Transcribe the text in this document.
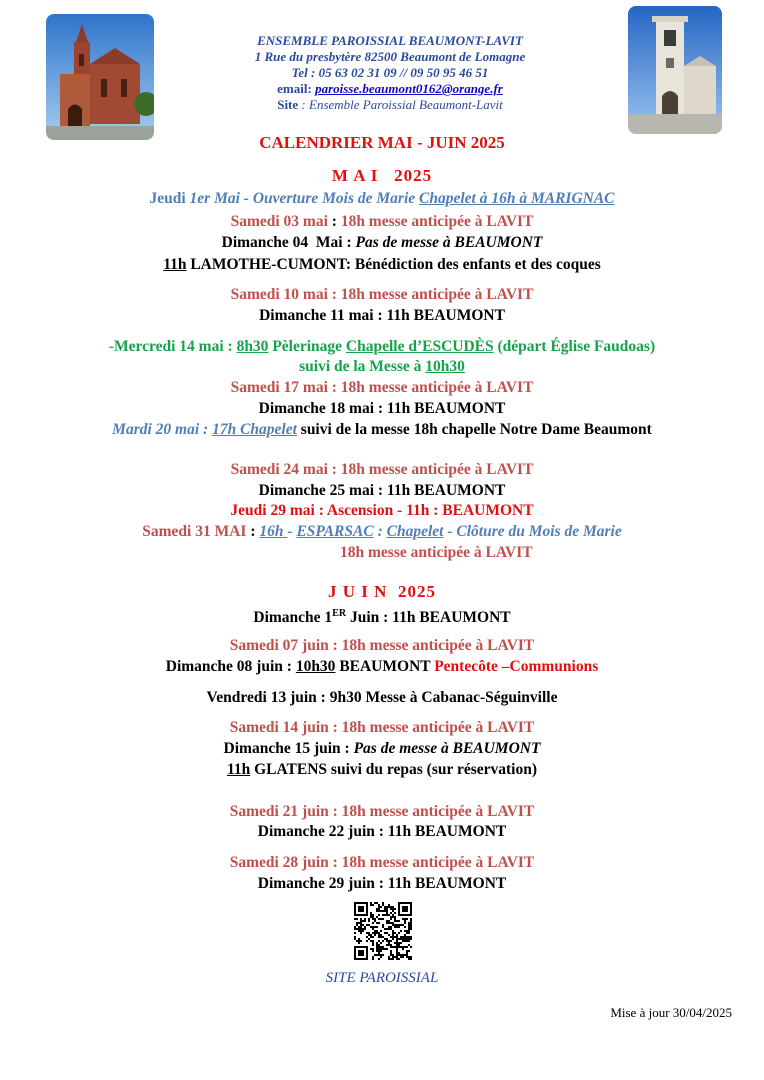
ENSEMBLE PAROISSIAL BEAUMONT-LAVIT
1 Rue du presbytère 82500 Beaumont de Lomagne
Tel : 05 63 02 31 09 // 09 50 95 46 51
email: paroisse.beaumont0162@orange.fr
Site : Ensemble Paroissial Beaumont-Lavit
CALENDRIER MAI - JUIN 2025
M A I   2025
Jeudi 1er Mai - Ouverture Mois de Marie Chapelet à 16h à MARIGNAC
Samedi 03 mai : 18h messe anticipée à LAVIT
Dimanche 04  Mai : Pas de messe à BEAUMONT
11h LAMOTHE-CUMONT: Bénédiction des enfants et des coques
Samedi 10 mai : 18h messe anticipée à LAVIT
Dimanche 11 mai : 11h BEAUMONT
-Mercredi 14 mai : 8h30 Pèlerinage Chapelle d’ESCUDÈS (départ Église Faudoas)
suivi de la Messe à 10h30
Samedi 17 mai : 18h messe anticipée à LAVIT
Dimanche 18 mai : 11h BEAUMONT
Mardi 20 mai : 17h Chapelet suivi de la messe 18h chapelle Notre Dame Beaumont
Samedi 24 mai : 18h messe anticipée à LAVIT
Dimanche 25 mai : 11h BEAUMONT
Jeudi 29 mai : Ascension - 11h : BEAUMONT
Samedi 31 MAI : 16h - ESPARSAC : Chapelet - Clôture du Mois de Marie
18h messe anticipée à LAVIT
J U I N  2025
Dimanche 1ER Juin : 11h BEAUMONT
Samedi 07 juin : 18h messe anticipée à LAVIT
Dimanche 08 juin : 10h30 BEAUMONT Pentecôte –Communions
Vendredi 13 juin : 9h30 Messe à Cabanac-Séguinville
Samedi 14 juin : 18h messe anticipée à LAVIT
Dimanche 15 juin : Pas de messe à BEAUMONT
11h GLATENS suivi du repas (sur réservation)
Samedi 21 juin : 18h messe anticipée à LAVIT
Dimanche 22 juin : 11h BEAUMONT
Samedi 28 juin : 18h messe anticipée à LAVIT
Dimanche 29 juin : 11h BEAUMONT
SITE PAROISSIAL
Mise à jour 30/04/2025
